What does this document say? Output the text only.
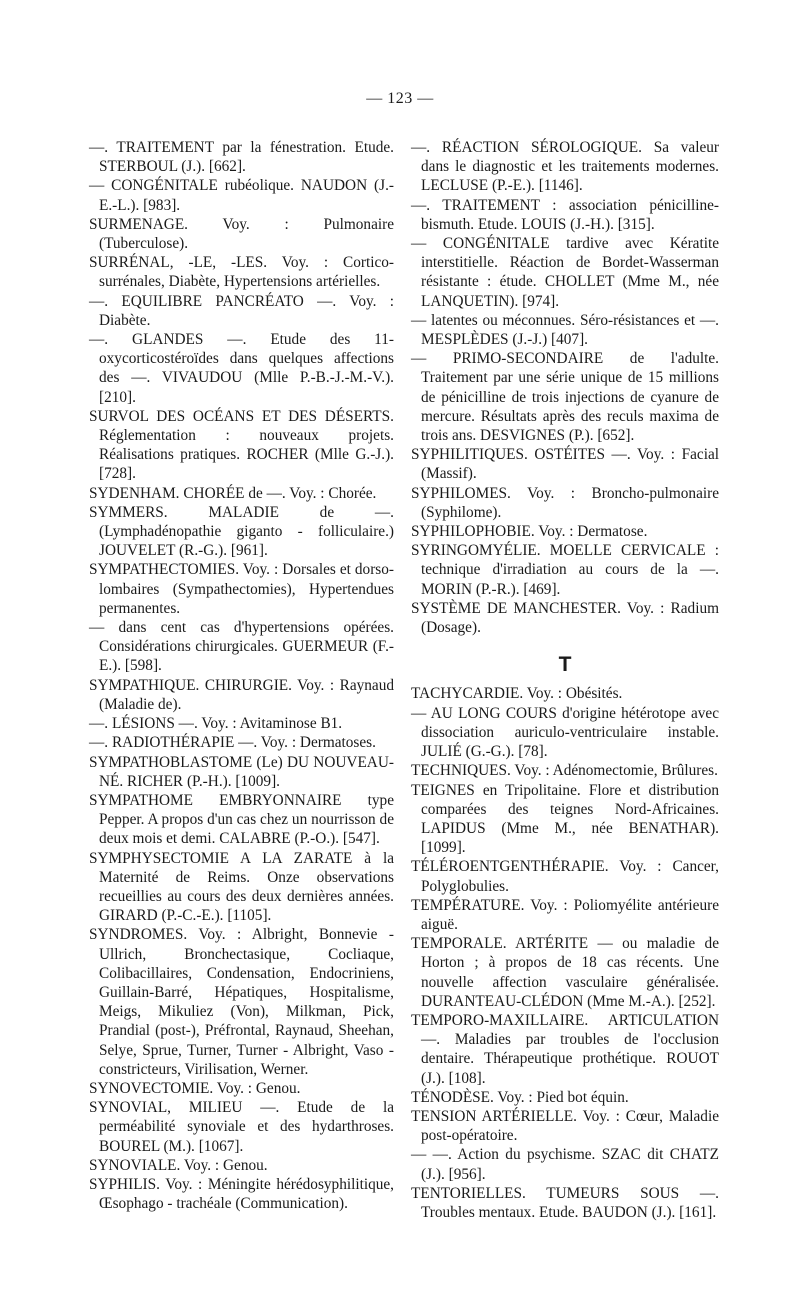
— 123 —

—. TRAITEMENT par la fénestration. Etude. STERBOUL (J.). [662].

— CONGÉNITALE rubéolique. NAUDON (J.-E.-L.). [983].

SURMENAGE. Voy. : Pulmonaire (Tuberculose).

SURRÉNAL, -LE, -LES. Voy. : Cortico-surrénales, Diabète, Hypertensions artérielles.

—. EQUILIBRE PANCRÉATO —. Voy. : Diabète.

—. GLANDES —. Etude des 11-oxycorticostéroïdes dans quelques affections des —. VIVAUDOU (Mlle P.-B.-J.-M.-V.). [210].

SURVOL DES OCÉANS ET DES DÉSERTS. Réglementation : nouveaux projets. Réalisations pratiques. ROCHER (Mlle G.-J.). [728].

SYDENHAM. CHORÉE de —. Voy. : Chorée.

SYMMERS. MALADIE de —. (Lymphadénopathie giganto - folliculaire.) JOUVELET (R.-G.). [961].

SYMPATHECTOMIES. Voy. : Dorsales et dorso-lombaires (Sympathectomies), Hypertendues permanentes.

— dans cent cas d'hypertensions opérées. Considérations chirurgicales. GUERMEUR (F.-E.). [598].

SYMPATHIQUE. CHIRURGIE. Voy. : Raynaud (Maladie de).

—. LÉSIONS —. Voy. : Avitaminose B1.

—. RADIOTHÉRAPIE —. Voy. : Dermatoses.

SYMPATHOBLASTOME (Le) DU NOUVEAU-NÉ. RICHER (P.-H.). [1009].

SYMPATHOME EMBRYONNAIRE type Pepper. A propos d'un cas chez un nourrisson de deux mois et demi. CALABRE (P.-O.). [547].

SYMPHYSECTOMIE A LA ZARATE à la Maternité de Reims. Onze observations recueillies au cours des deux dernières années. GIRARD (P.-C.-E.). [1105].

SYNDROMES. Voy. : Albright, Bonnevie - Ullrich, Bronchectasique, Cocliaque, Colibacillaires, Condensation, Endocriniens, Guillain-Barré, Hépatiques, Hospitalisme, Meigs, Mikuliez (Von), Milkman, Pick, Prandial (post-), Préfrontal, Raynaud, Sheehan, Selye, Sprue, Turner, Turner - Albright, Vaso - constricteurs, Virilisation, Werner.

SYNOVECTOMIE. Voy. : Genou.

SYNOVIAL, MILIEU —. Etude de la perméabilité synoviale et des hydarthroses. BOUREL (M.). [1067].

SYNOVIALE. Voy. : Genou.

SYPHILIS. Voy. : Méningite hérédosyphilitique, Œsophago - trachéale (Communication).

—. RÉACTION SÉROLOGIQUE. Sa valeur dans le diagnostic et les traitements modernes. LECLUSE (P.-E.). [1146].

—. TRAITEMENT : association pénicilline-bismuth. Etude. LOUIS (J.-H.). [315].

— CONGÉNITALE tardive avec Kératite interstitielle. Réaction de Bordet-Wasserman résistante : étude. CHOLLET (Mme M., née LANQUETIN). [974].

— latentes ou méconnues. Séro-résistances et —. MESPLÈDES (J.-J.) [407].

— PRIMO-SECONDAIRE de l'adulte. Traitement par une série unique de 15 millions de pénicilline de trois injections de cyanure de mercure. Résultats après des reculs maxima de trois ans. DESVIGNES (P.). [652].

SYPHILITIQUES. OSTÉITES —. Voy. : Facial (Massif).

SYPHILOMES. Voy. : Broncho-pulmonaire (Syphilome).

SYPHILOPHOBIE. Voy. : Dermatose.

SYRINGOMYÉLIE. MOELLE CERVICALE : technique d'irradiation au cours de la —. MORIN (P.-R.). [469].

SYSTÈME DE MANCHESTER. Voy. : Radium (Dosage).

T

TACHYCARDIE. Voy. : Obésités.

— AU LONG COURS d'origine hétérotope avec dissociation auriculo-ventriculaire instable. JULIÉ (G.-G.). [78].

TECHNIQUES. Voy. : Adénomectomie, Brûlures.

TEIGNES en Tripolitaine. Flore et distribution comparées des teignes Nord-Africaines. LAPIDUS (Mme M., née BENATHAR). [1099].

TÉLÉROENTGENTHÉRAPIE. Voy. : Cancer, Polyglobulies.

TEMPÉRATURE. Voy. : Poliomyélite antérieure aiguë.

TEMPORALE. ARTÉRITE — ou maladie de Horton ; à propos de 18 cas récents. Une nouvelle affection vasculaire généralisée. DURANTEAU-CLÉDON (Mme M.-A.). [252].

TEMPORO-MAXILLAIRE. ARTICULATION —. Maladies par troubles de l'occlusion dentaire. Thérapeutique prothétique. ROUOT (J.). [108].

TÉNODÈSE. Voy. : Pied bot équin.

TENSION ARTÉRIELLE. Voy. : Cœur, Maladie post-opératoire.

— —. Action du psychisme. SZAC dit CHATZ (J.). [956].

TENTORIELLES. TUMEURS SOUS —. Troubles mentaux. Etude. BAUDON (J.). [161].
